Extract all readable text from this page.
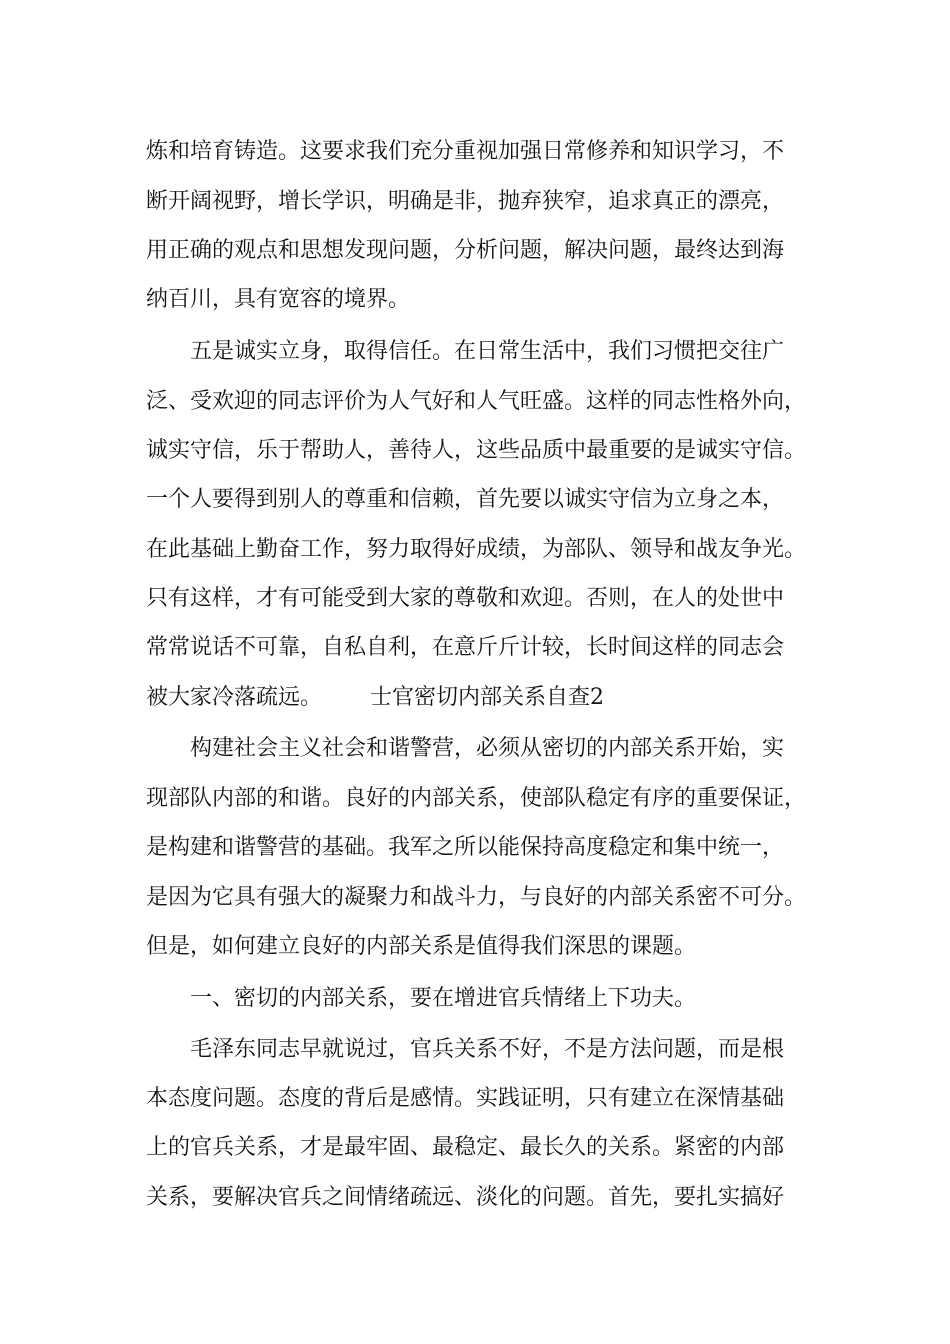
炼和培育铸造。这要求我们充分重视加强日常修养和知识学习，不

断开阔视野，增长学识，明确是非，抛弃狭窄，追求真正的漂亮，

用正确的观点和思想发现问题，分析问题，解决问题，最终达到海

纳百川，具有宽容的境界。

五是诚实立身，取得信任。在日常生活中，我们习惯把交往广

泛、受欢迎的同志评价为人气好和人气旺盛。这样的同志性格外向，

诚实守信，乐于帮助人，善待人，这些品质中最重要的是诚实守信。

一个人要得到别人的尊重和信赖，首先要以诚实守信为立身之本，

在此基础上勤奋工作，努力取得好成绩，为部队、领导和战友争光。

只有这样，才有可能受到大家的尊敬和欢迎。否则，在人的处世中

常常说话不可靠，自私自利，在意斤斤计较，长时间这样的同志会

被大家冷落疏远。 士官密切内部关系自查2

构建社会主义社会和谐警营，必须从密切的内部关系开始，实

现部队内部的和谐。良好的内部关系，使部队稳定有序的重要保证，

是构建和谐警营的基础。我军之所以能保持高度稳定和集中统一，

是因为它具有强大的凝聚力和战斗力，与良好的内部关系密不可分。

但是，如何建立良好的内部关系是值得我们深思的课题。

一、密切的内部关系，要在增进官兵情绪上下功夫。

毛泽东同志早就说过，官兵关系不好，不是方法问题，而是根

本态度问题。态度的背后是感情。实践证明，只有建立在深情基础

上的官兵关系，才是最牢固、最稳定、最长久的关系。紧密的内部

关系，要解决官兵之间情绪疏远、淡化的问题。首先，要扎实搞好
